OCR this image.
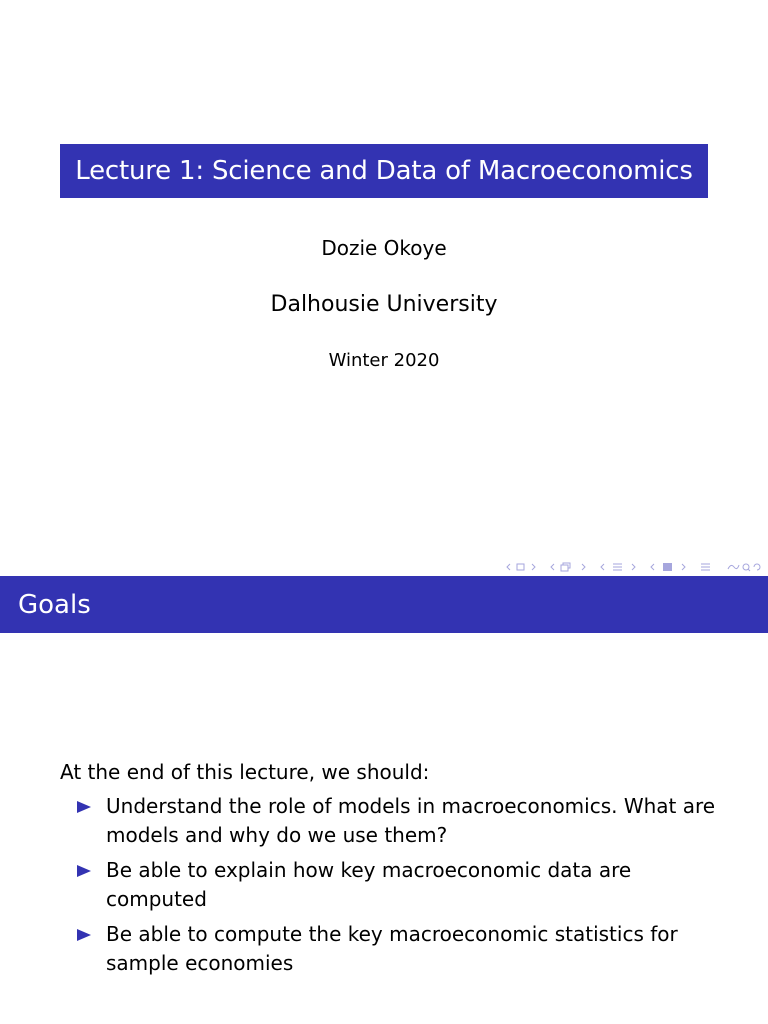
Lecture 1: Science and Data of Macroeconomics
Dozie Okoye
Dalhousie University
Winter 2020
Goals
At the end of this lecture, we should:
Understand the role of models in macroeconomics. What are models and why do we use them?
Be able to explain how key macroeconomic data are computed
Be able to compute the key macroeconomic statistics for sample economies
